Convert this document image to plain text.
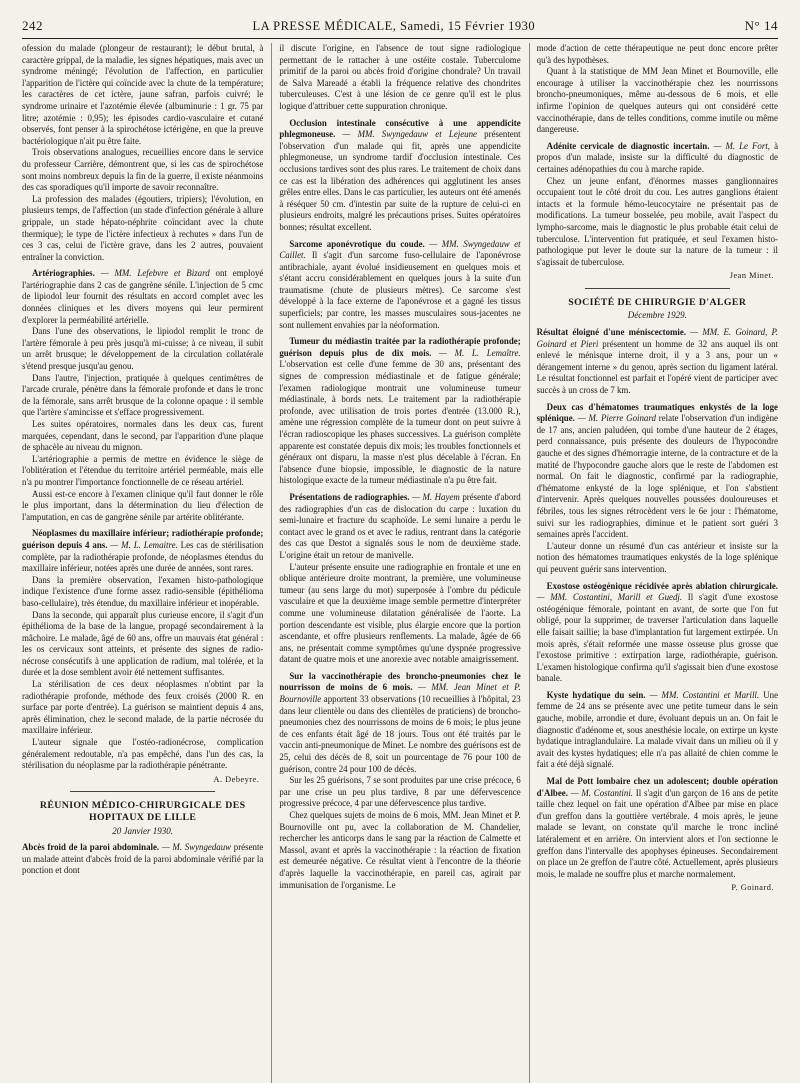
242	LA PRESSE MÉDICALE, Samedi, 15 Février 1930	N° 14

ofession du malade (plongeur de restaurant); le début brutal, à caractère grippal, de la maladie, les signes hépatiques, mais avec un syndrome méningé; l'évolution de l'affection, en particulier l'apparition de l'ictère qui coïncide avec la chute de la température; les caractères de cet ictère, jaune safran, parfois cuivré; le syndrome urinaire et l'azotémie élevée (albuminurie : 1 gr. 75 par litre; azotémie : 0,95); les épisodes cardio-vasculaire et cutané observés, font penser à la spirochétose ictérigène, en que la preuve bactériologique n'ait pu être faite.

Trois observations analogues, recueillies encore dans le service du professeur Carrière, démontrent que, si les cas de spirochétose sont moins nombreux depuis la fin de la guerre, il existe néanmoins des cas sporadiques qu'il importe de savoir reconnaître.

La profession des malades (égoutiers, tripiers); l'évolution, en plusieurs temps, de l'affection (un stade d'infection générale à allure grippale, un stade hépato-néphrite coïncidant avec la chute thermique); le type de l'ictère infectieux à rechutes » dans l'un de ces 3 cas, celui de l'ictère grave, dans les 2 autres, pouvaient entraîner la conviction.

Artériographies. — MM. Lefebvre et Bizard ont employé l'artériographie dans 2 cas de gangrène sénile. L'injection de 5 cmc de lipiodol leur fournit des résultats en accord complet avec les données cliniques et les divers moyens qui leur permirent d'explorer la perméabilité artérielle.

Dans l'une des observations, le lipiodol remplit le tronc de l'artère fémorale à peu près jusqu'à mi-cuisse; à ce niveau, il subit un arrêt brusque; le développement de la circulation collatérale s'étend presque jusqu'au genou.

Dans l'autre, l'injection, pratiquée à quelques centimètres de l'arcade crurale, pénètre dans la fémorale profonde et dans le tronc de la fémorale, sans arrêt brusque de la colonne opaque : il semble que l'artère s'amincisse et s'efface progressivement.

Les suites opératoires, normales dans les deux cas, furent marquées, cependant, dans le second, par l'apparition d'une plaque de sphacèle au niveau du mignon.

L'artériographie a permis de mettre en évidence le siège de l'oblitération et l'étendue du territoire artériel perméable, mais elle n'a pu montrer l'importance fonctionnelle de ce réseau artériel.

Aussi est-ce encore à l'examen clinique qu'il faut donner le rôle le plus important, dans la détermination du lieu d'élection de l'amputation, en cas de gangrène sénile par artérite oblitérante.

Néoplasmes du maxillaire inférieur; radiothérapie profonde; guérison depuis 4 ans. — M. L. Lemaitre. Les cas de stérilisation complète, par la radiothérapie profonde, de néoplasmes étendus du maxillaire inférieur, notées après une durée de années, sont rares.

Dans la première observation, l'examen histo-pathologique indique l'existence d'une forme assez radio-sensible (épithélioma baso-cellulaire), très étendue, du maxillaire inférieur et inopérable.

Dans la seconde, qui apparaît plus curieuse encore, il s'agit d'un épithélioma de la base de la langue, propagé secondairement à la mâchoire. Le malade, âgé de 60 ans, offre un mauvais état général : les os cervicaux sont atteints, et présente des signes de radio-nécrose consécutifs à une application de radium, mal tolérée, et la durée et la dose semblent avoir été nettement suffisantes.

La stérilisation de ces deux néoplasmes n'obtint par la radiothérapie profonde, méthode des feux croisés (2000 R. en surface par porte d'entrée). La guérison se maintient depuis 4 ans, après élimination, chez le second malade, de la partie nécrosée du maxillaire inférieur.

L'auteur signale que l'ostéo-radionécrose, complication généralement redoutable, n'a pas empêché, dans l'un des cas, la stérilisation du néoplasme par la radiothérapie pénétrante.

A. Debeyre.
RÉUNION MÉDICO-CHIRURGICALE DES HOPITAUX DE LILLE
20 Janvier 1930.

Abcès froid de la paroi abdominale. — M. Swyngedauw présente un malade atteint d'abcès froid de la paroi abdominale vérifié par la ponction et dont

il discute l'origine, en l'absence de tout signe radiologique permettant de le rattacher à une ostéite costale. Tuberculome primitif de la paroi ou abcès froid d'origine chondrale? Un travail de Salva Mareadé a établi la fréquence relative des chondrites tuberculeuses. C'est à une lésion de ce genre qu'il est le plus logique d'attribuer cette suppuration chronique.

Occlusion intestinale consécutive à une appendicite phlegmoneuse. — MM. Swyngedauw et Lejeune présentent l'observation d'un malade qui fit, après une appendicite phlegmoneuse, un syndrome tardif d'occlusion intestinale. Ces occlusions tardives sont des plus rares. Le traitement de choix dans ce cas est la libération des adhérences qui agglutinent les anses grêles entre elles. Dans le cas particulier, les auteurs ont été amenés à réséquer 50 cm. d'intestin par suite de la rupture de celui-ci en plusieurs endroits, malgré les précautions prises. Suites opératoires bonnes; résultat excellent.

Sarcome aponévrotique du coude. — MM. Swyngedauw et Caillet. Il s'agit d'un sarcome fuso-cellulaire de l'aponévrose antibrachiale, ayant évolué insidieusement en quelques mois et s'étant accru considérablement en quelques jours à la suite d'un traumatisme (chute de plusieurs mètres). Ce sarcome s'est développé à la face externe de l'aponévrose et a gagné les tissus superficiels; par contre, les masses musculaires sous-jacentes ne sont nullement envahies par la néoformation.

Tumeur du médiastin traitée par la radiothérapie profonde; guérison depuis plus de dix mois. — M. L. Lemaître. L'observation est celle d'une femme de 30 ans, présentant des signes de compression médiastinale et de fatigue générale; l'examen radiologique montrait une volumineuse tumeur médiastinale, à bords nets. Le traitement par la radiothérapie profonde, avec utilisation de trois portes d'entrée (13.000 R.), amène une régression complète de la tumeur dont on peut suivre à l'écran radioscopique les phases successives. La guérison complète apparente est constatée depuis dix mois; les troubles fonctionnels et généraux ont disparu, la masse n'est plus décelable à l'écran. En l'absence d'une biopsie, impossible, le diagnostic de la nature histologique exacte de la tumeur médiastinale n'a pu être fait.

Présentations de radiographies. — M. Hayem présente d'abord des radiographies d'un cas de dislocation du carpe : luxation du semi-lunaire et fracture du scaphoïde. Le semi lunaire a perdu le contact avec le grand os et avec le radius, rentrant dans la catégorie des cas que Destot a signalés sous le nom de deuxième stade. L'origine était un retour de manivelle.

L'auteur présente ensuite une radiographie en frontale et une en oblique antérieure droite montrant, la première, une volumineuse tumeur (au sens large du mot) superposée à l'ombre du pédicule vasculaire et que la deuxième image semble permettre d'interpréter comme une volumineuse dilatation généralisée de l'aorte. La portion descendante est visible, plus élargie encore que la portion ascendante, et offre plusieurs renflements. La malade, âgée de 66 ans, ne présentait comme symptômes qu'une dyspnée progressive datant de quatre mois et une anorexie avec notable amaigrissement.

Sur la vaccinothérapie des broncho-pneumonies chez le nourrisson de moins de 6 mois. — MM. Jean Minet et P. Bournoville apportent 33 observations (10 recueillies à l'hôpital, 23 dans leur clientèle ou dans des clientèles de praticiens) de broncho-pneumonies chez des nourrissons de moins de 6 mois; le plus jeune de ces enfants était âgé de 18 jours. Tous ont été traités par le vaccin anti-pneumonique de Minet. Le nombre des guérisons est de 25, celui des décès de 8, soit un pourcentage de 76 pour 100 de guérison, contre 24 pour 100 de décès.

Sur les 25 guérisons, 7 se sont produites par une crise précoce, 6 par une crise un peu plus tardive, 8 par une défervescence progressive précoce, 4 par une défervescence plus tardive.

Chez quelques sujets de moins de 6 mois, MM. Jean Minet et P. Bournoville ont pu, avec la collaboration de M. Chandelier, rechercher les anticorps dans le sang par la réaction de Calmette et Massol, avant et après la vaccinothérapie : la réaction de fixation est demeurée négative. Ce résultat vient à l'encontre de la théorie d'après laquelle la vaccinothérapie, en pareil cas, agirait par immunisation de l'organisme. Le

mode d'action de cette thérapeutique ne peut donc encore prêter qu'à des hypothèses.

Quant à la statistique de MM Jean Minet et Bournoville, elle encourage à utiliser la vaccinothérapie chez les nourrissons broncho-pneumoniques, même au-dessous de 6 mois, et elle infirme l'opinion de quelques auteurs qui ont considéré cette vaccinothérapie, dans de telles conditions, comme inutile ou même dangereuse.

Adénite cervicale de diagnostic incertain. — M. Le Fort, à propos d'un malade, insiste sur la difficulté du diagnostic de certaines adénopathies du cou à marche rapide.

Chez un jeune enfant, d'énormes masses ganglionnaires occupaient tout le côté droit du cou. Les autres ganglions étaient intacts et la formule hémo-leucocytaire ne présentait pas de modifications. La tumeur bosselée, peu mobile, avait l'aspect du lympho-sarcome, mais le diagnostic le plus probable était celui de tuberculose. L'intervention fut pratiquée, et seul l'examen histo-pathologique put lever le doute sur la nature de la tumeur : il s'agissait de tuberculose.

Jean Minet.
SOCIÉTÉ DE CHIRURGIE D'ALGER
Décembre 1929.

Résultat éloigné d'une méniscectomie. — MM. E. Goinard, P. Goinard et Pieri présentent un homme de 32 ans auquel ils ont enlevé le ménisque interne droit, il y a 3 ans, pour un « dérangement interne » du genou, après section du ligament latéral. Le résultat fonctionnel est parfait et l'opéré vient de participer avec succès à un cross de 7 km.

Deux cas d'hématomes traumatiques enkystés de la loge splénique. — M. Pierre Goinard relate l'observation d'un indigène de 17 ans, ancien paludéen, qui tombe d'une hauteur de 2 étages, perd connaissance, puis présente des douleurs de l'hypocondre gauche et des signes d'hémorragie interne, de la contracture et de la matité de l'hypocondre gauche alors que le reste de l'abdomen est normal. On fait le diagnostic, confirmé par la radiographie, d'hématome enkysté de la loge splénique, et l'on s'abstient d'intervenir. Après quelques nouvelles poussées douloureuses et fébriles, tous les signes rétrocèdent vers le 6e jour : l'hématome, suivi sur les radiographies, diminue et le patient sort guéri 3 semaines après l'accident.

L'auteur donne un résumé d'un cas antérieur et insiste sur la notion des hématomes traumatiques enkystés de la loge splénique qui peuvent guérir sans intervention.

Exostose ostéogénique récidivée après ablation chirurgicale. — MM. Costantini, Marill et Guedj. Il s'agit d'une exostose ostéogénique fémorale, pointant en avant, de sorte que l'on fut obligé, pour la supprimer, de traverser l'articulation dans laquelle elle faisait saillie; la base d'implantation fut largement extirpée. Un mois après, s'était reformée une masse osseuse plus grosse que l'exostose primitive : extirpation large, radiothérapie, guérison. L'examen histologique confirma qu'il s'agissait bien d'une exostose banale.

Kyste hydatique du sein. — MM. Costantini et Marill. Une femme de 24 ans se présente avec une petite tumeur dans le sein gauche, mobile, arrondie et dure, évoluant depuis un an. On fait le diagnostic d'adénome et, sous anesthésie locale, on extirpe un kyste hydatique intraglandulaire. La malade vivait dans un milieu où il y avait des kystes hydatiques; elle n'a pas allaité de chien comme le fait a été déjà signalé.

Mal de Pott lombaire chez un adolescent; double opération d'Albee. — M. Costantini. Il s'agit d'un garçon de 16 ans de petite taille chez lequel on fait une opération d'Albee par mise en place d'un greffon dans la gouttière vertébrale. 4 mois après, le jeune malade se levant, on constate qu'il marche le tronc incliné latéralement et en arrière. On intervient alors et l'on sectionne le greffon dans l'intervalle des apophyses épineuses. Secondairement on place un 2e greffon de l'autre côté. Actuellement, après plusieurs mois, le malade ne souffre plus et marche normalement.

P. Goinard.
